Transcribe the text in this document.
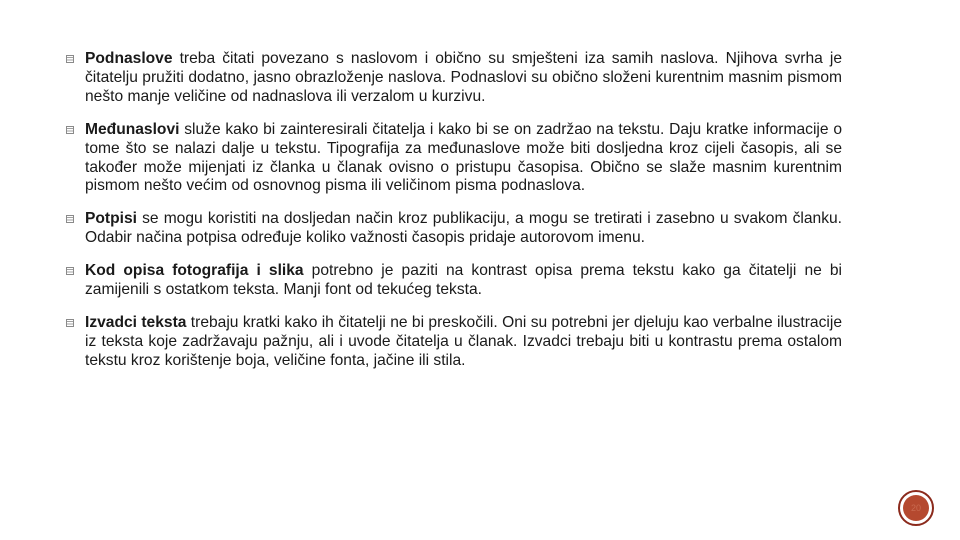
Podnaslove treba čitati povezano s naslovom i obično su smješteni iza samih naslova. Njihova svrha je čitatelju pružiti dodatno, jasno obrazloženje naslova. Podnaslovi su obično složeni kurentnim masnim pismom nešto manje veličine od nadnaslova ili verzalom u kurzivu.
Međunaslovi služe kako bi zainteresirali čitatelja i kako bi se on zadržao na tekstu. Daju kratke informacije o tome što se nalazi dalje u tekstu. Tipografija za međunaslove može biti dosljedna kroz cijeli časopis, ali se također može mijenjati iz članka u članak ovisno o pristupu časopisa. Obično se slaže masnim kurentnim pismom nešto većim od osnovnog pisma ili veličinom pisma podnaslova.
Potpisi se mogu koristiti na dosljedan način kroz publikaciju, a mogu se tretirati i zasebno u svakom članku. Odabir načina potpisa određuje koliko važnosti časopis pridaje autorovom imenu.
Kod opisa fotografija i slika potrebno je paziti na kontrast opisa prema tekstu kako ga čitatelji ne bi zamijenili s ostatkom teksta. Manji font od tekućeg teksta.
Izvadci teksta trebaju kratki kako ih čitatelji ne bi preskočili. Oni su potrebni jer djeluju kao verbalne ilustracije iz teksta koje zadržavaju pažnju, ali i uvode čitatelja u članak. Izvadci trebaju biti u kontrastu prema ostalom tekstu kroz korištenje boja, veličine fonta, jačine ili stila.
20
